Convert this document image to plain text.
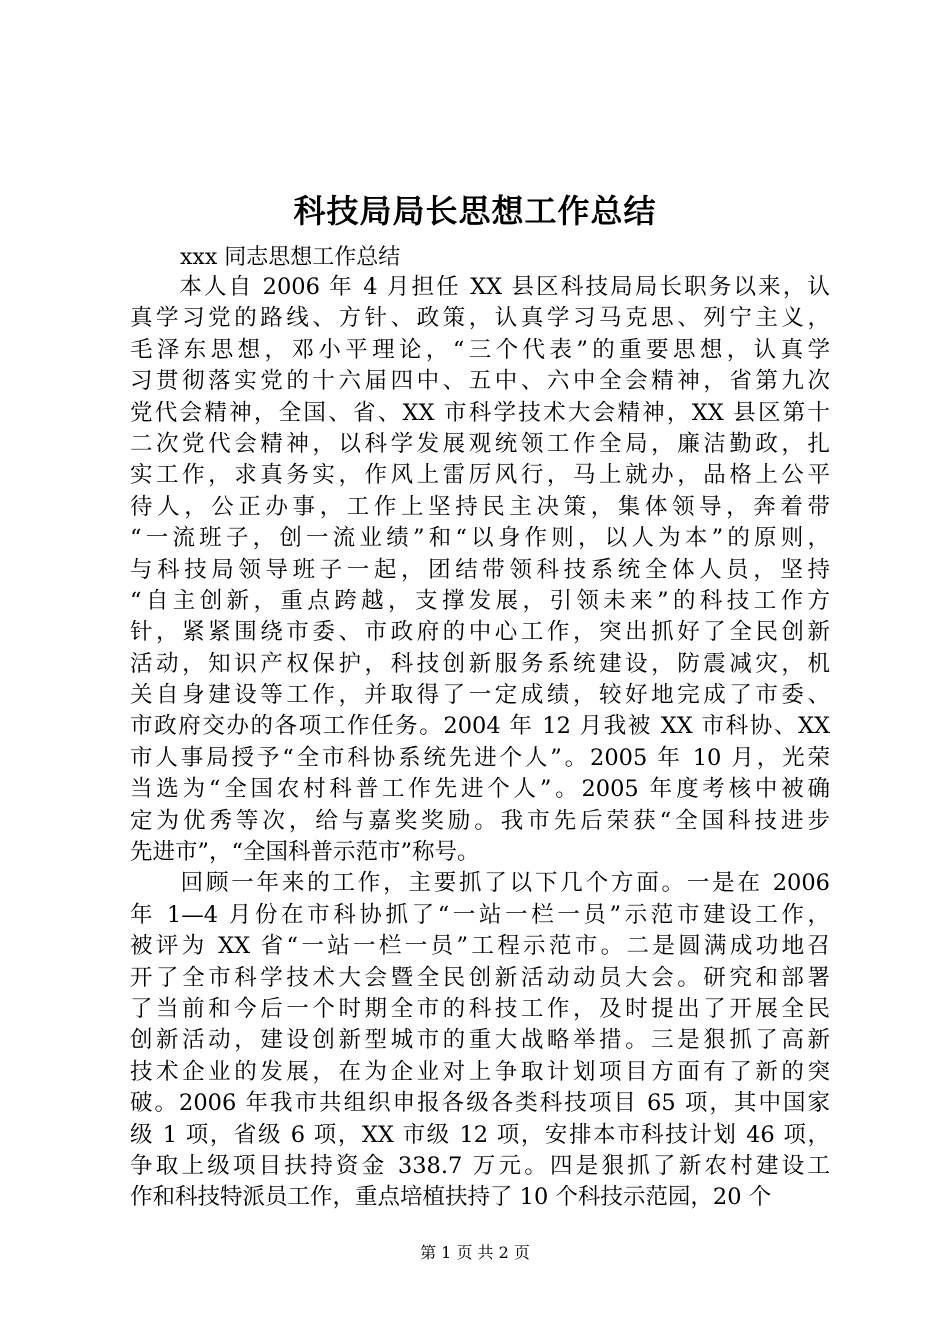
科技局局长思想工作总结

xxx 同志思想工作总结

　　本人自 2006 年 4 月担任 XX 县区科技局局长职务以来，认
真学习党的路线、方针、政策，认真学习马克思、列宁主义，
毛泽东思想，邓小平理论，“三个代表”的重要思想，认真学
习贯彻落实党的十六届四中、五中、六中全会精神，省第九次
党代会精神，全国、省、XX 市科学技术大会精神，XX 县区第十
二次党代会精神，以科学发展观统领工作全局，廉洁勤政，扎
实工作，求真务实，作风上雷厉风行，马上就办，品格上公平
待人，公正办事，工作上坚持民主决策，集体领导，奔着带
“一流班子，创一流业绩”和“以身作则，以人为本”的原则，
与科技局领导班子一起，团结带领科技系统全体人员，坚持
“自主创新，重点跨越，支撑发展，引领未来”的科技工作方
针，紧紧围绕市委、市政府的中心工作，突出抓好了全民创新
活动，知识产权保护，科技创新服务系统建设，防震减灾，机
关自身建设等工作，并取得了一定成绩，较好地完成了市委、
市政府交办的各项工作任务。2004 年 12 月我被 XX 市科协、XX
市人事局授予“全市科协系统先进个人”。2005 年 10 月，光荣
当选为“全国农村科普工作先进个人”。2005 年度考核中被确
定为优秀等次，给与嘉奖奖励。我市先后荣获“全国科技进步
先进市”，“全国科普示范市”称号。
　　回顾一年来的工作，主要抓了以下几个方面。一是在 2006
年 1—4 月份在市科协抓了“一站一栏一员”示范市建设工作，
被评为 XX 省“一站一栏一员”工程示范市。二是圆满成功地召
开了全市科学技术大会暨全民创新活动动员大会。研究和部署
了当前和今后一个时期全市的科技工作，及时提出了开展全民
创新活动，建设创新型城市的重大战略举措。三是狠抓了高新
技术企业的发展，在为企业对上争取计划项目方面有了新的突
破。2006 年我市共组织申报各级各类科技项目 65 项，其中国家
级 1 项，省级 6 项，XX 市级 12 项，安排本市科技计划 46 项，
争取上级项目扶持资金 338.7 万元。四是狠抓了新农村建设工
作和科技特派员工作，重点培植扶持了 10 个科技示范园，20 个

第 1 页 共 2 页
